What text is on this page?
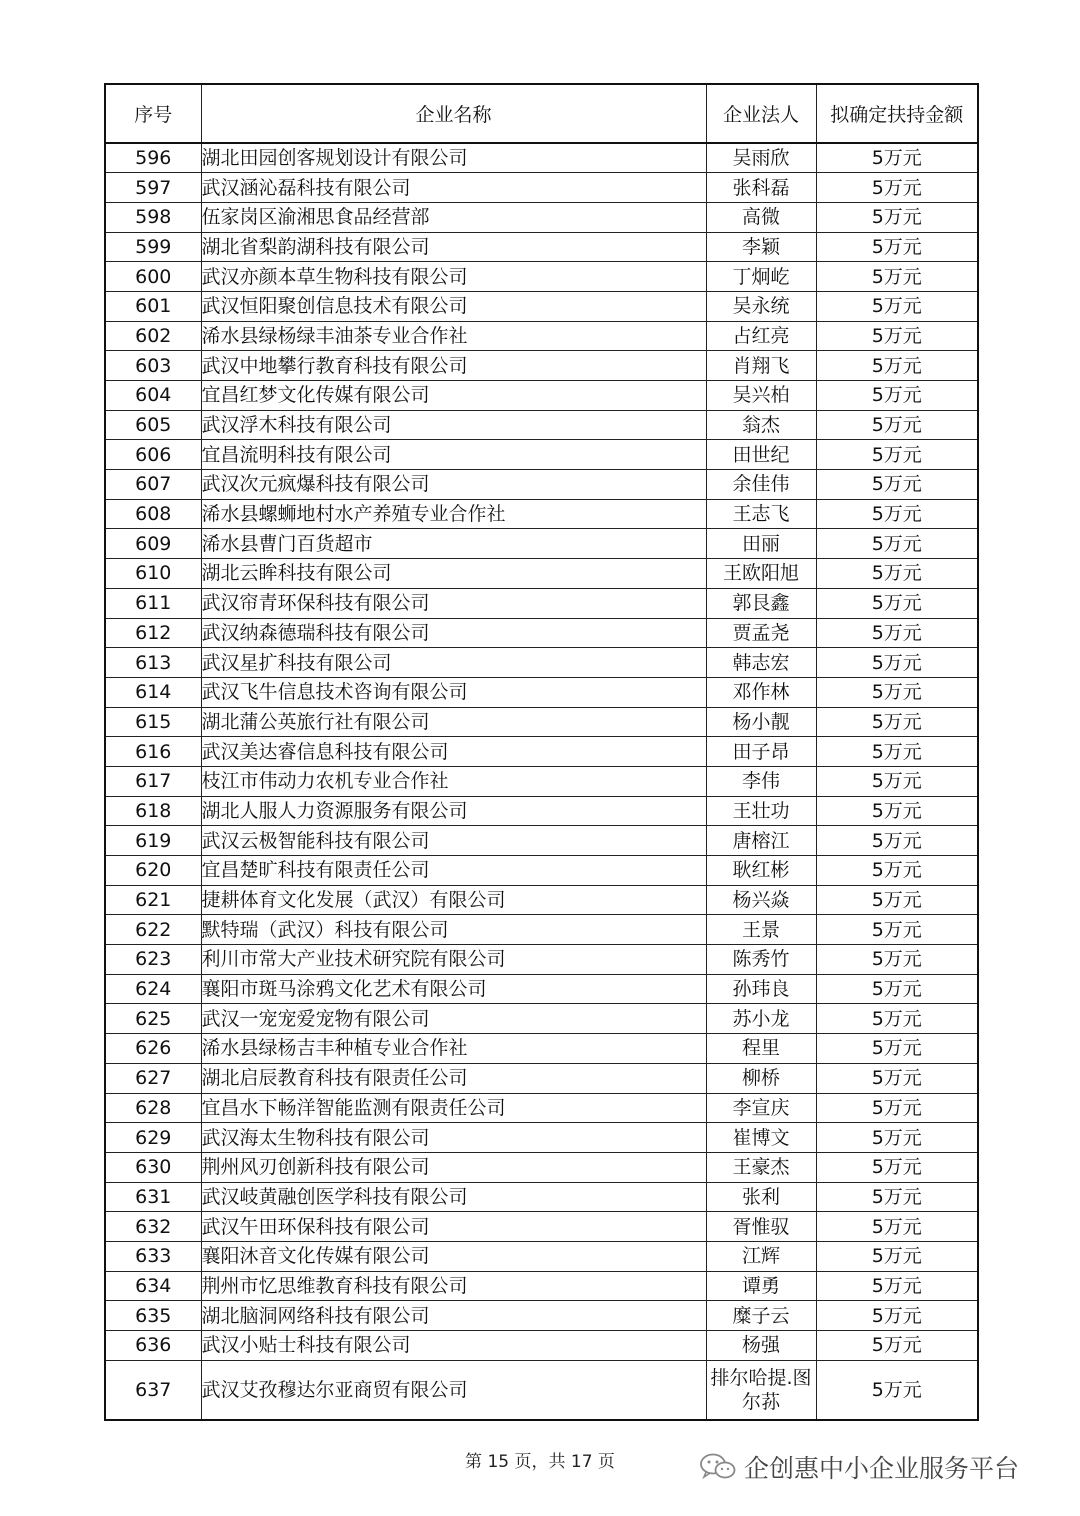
序号	企业名称	企业法人	拟确定扶持金额
596	湖北田园创客规划设计有限公司	吴雨欣	5万元
597	武汉涵沁磊科技有限公司	张科磊	5万元
598	伍家岗区渝湘思食品经营部	高微	5万元
599	湖北省梨韵湖科技有限公司	李颖	5万元
600	武汉亦颜本草生物科技有限公司	丁炯屹	5万元
601	武汉恒阳聚创信息技术有限公司	吴永统	5万元
602	浠水县绿杨绿丰油茶专业合作社	占红亮	5万元
603	武汉中地攀行教育科技有限公司	肖翔飞	5万元
604	宜昌红梦文化传媒有限公司	吴兴柏	5万元
605	武汉浮木科技有限公司	翁杰	5万元
606	宜昌流明科技有限公司	田世纪	5万元
607	武汉次元疯爆科技有限公司	余佳伟	5万元
608	浠水县螺蛳地村水产养殖专业合作社	王志飞	5万元
609	浠水县曹门百货超市	田丽	5万元
610	湖北云眸科技有限公司	王欧阳旭	5万元
611	武汉帘青环保科技有限公司	郭艮鑫	5万元
612	武汉纳森德瑞科技有限公司	贾孟尧	5万元
613	武汉星扩科技有限公司	韩志宏	5万元
614	武汉飞牛信息技术咨询有限公司	邓作林	5万元
615	湖北蒲公英旅行社有限公司	杨小靓	5万元
616	武汉美达睿信息科技有限公司	田子昂	5万元
617	枝江市伟动力农机专业合作社	李伟	5万元
618	湖北人服人力资源服务有限公司	王壮功	5万元
619	武汉云极智能科技有限公司	唐榕江	5万元
620	宜昌楚旷科技有限责任公司	耿红彬	5万元
621	捷耕体育文化发展（武汉）有限公司	杨兴焱	5万元
622	默特瑞（武汉）科技有限公司	王景	5万元
623	利川市常大产业技术研究院有限公司	陈秀竹	5万元
624	襄阳市斑马涂鸦文化艺术有限公司	孙玮良	5万元
625	武汉一宠宠爱宠物有限公司	苏小龙	5万元
626	浠水县绿杨吉丰种植专业合作社	程里	5万元
627	湖北启辰教育科技有限责任公司	柳桥	5万元
628	宜昌水下畅洋智能监测有限责任公司	李宣庆	5万元
629	武汉海太生物科技有限公司	崔博文	5万元
630	荆州风刃创新科技有限公司	王豪杰	5万元
631	武汉岐黄融创医学科技有限公司	张利	5万元
632	武汉午田环保科技有限公司	胥惟驭	5万元
633	襄阳沐音文化传媒有限公司	江辉	5万元
634	荆州市忆思维教育科技有限公司	谭勇	5万元
635	湖北脑洞网络科技有限公司	糜子云	5万元
636	武汉小贴士科技有限公司	杨强	5万元
637	武汉艾孜穆达尔亚商贸有限公司	排尔哈提.图尔荪	5万元
第 15 页，共 17 页	企创惠中小企业服务平台
